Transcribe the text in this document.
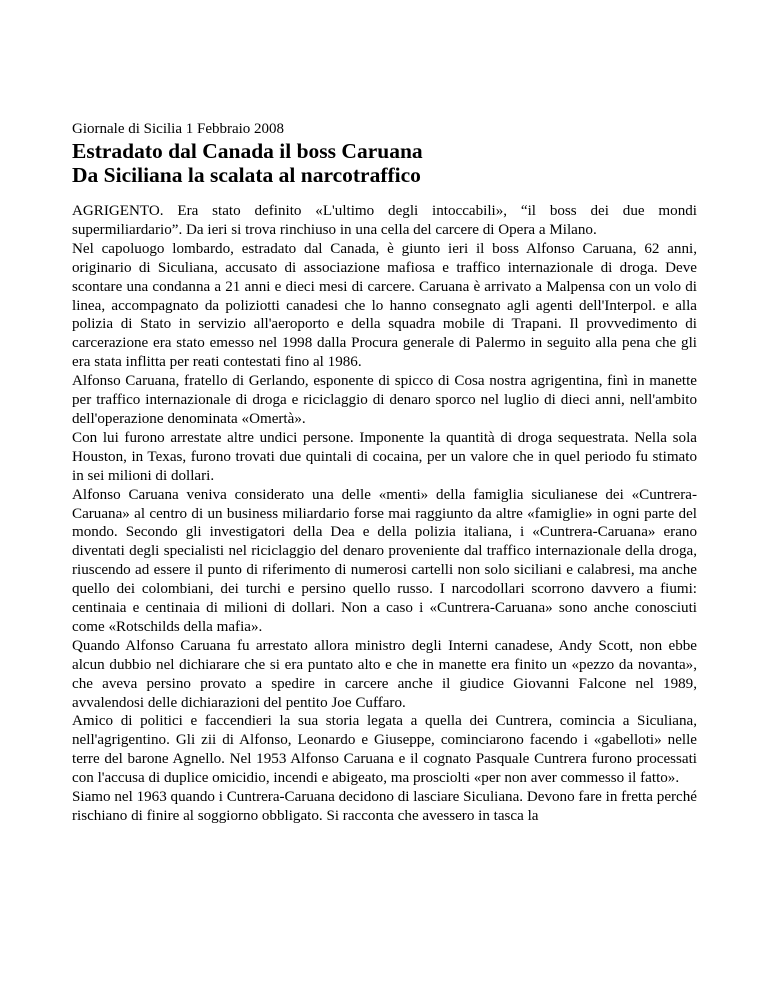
Giornale di Sicilia 1 Febbraio 2008
Estradato dal Canada il boss Caruana
Da Siciliana la scalata al narcotraffico

AGRIGENTO. Era stato definito «L'ultimo degli intoccabili», “il boss dei due mondi supermiliardario”. Da ieri si trova rinchiuso in una cella del carcere di Opera a Milano.

Nel capoluogo lombardo, estradato dal Canada, è giunto ieri il boss Alfonso Caruana, 62 anni, originario di Siculiana, accusato di associazione mafiosa e traffico internazionale di droga. Deve scontare una condanna a 21 anni e dieci mesi di carcere. Caruana è arrivato a Malpensa con un volo di linea, accompagnato da poliziotti canadesi che lo hanno consegnato agli agenti dell'Interpol. e alla polizia di Stato in servizio all'aeroporto e della squadra mobile di Trapani. Il provvedimento di carcerazione era stato emesso nel 1998 dalla Procura generale di Palermo in seguito alla pena che gli era stata inflitta per reati contestati fino al 1986.

Alfonso Caruana, fratello di Gerlando, esponente di spicco di Cosa nostra agrigentina, finì in manette per traffico internazionale di droga e riciclaggio di denaro sporco nel luglio di dieci anni, nell'ambito dell'operazione denominata «Omertà».

Con lui furono arrestate altre undici persone. Imponente la quantità di droga sequestrata. Nella sola Houston, in Texas, furono trovati due quintali di cocaina, per un valore che in quel periodo fu stimato in sei milioni di dollari.

Alfonso Caruana veniva considerato una delle «menti» della famiglia siculianese dei «Cuntrera-Caruana» al centro di un business miliardario forse mai raggiunto da altre «famiglie» in ogni parte del mondo. Secondo gli investigatori della Dea e della polizia italiana, i «Cuntrera-Caruana» erano diventati degli specialisti nel riciclaggio del denaro proveniente dal traffico internazionale della droga, riuscendo ad essere il punto di riferimento di numerosi cartelli non solo siciliani e calabresi, ma anche quello dei colombiani, dei turchi e persino quello russo. I narcodollari scorrono davvero a fiumi: centinaia e centinaia di milioni di dollari. Non a caso i «Cuntrera-Caruana» sono anche conosciuti come «Rotschilds della mafia».

Quando Alfonso Caruana fu arrestato allora ministro degli Interni canadese, Andy Scott, non ebbe alcun dubbio nel dichiarare che si era puntato alto e che in manette era finito un «pezzo da novanta», che aveva persino provato a spedire in carcere anche il giudice Giovanni Falcone nel 1989, avvalendosi delle dichiarazioni del pentito Joe Cuffaro.

Amico di politici e faccendieri la sua storia legata a quella dei Cuntrera, comincia a Siculiana, nell'agrigentino. Gli zii di Alfonso, Leonardo e Giuseppe, cominciarono facendo i «gabelloti» nelle terre del barone Agnello. Nel 1953 Alfonso Caruana e il cognato Pasquale Cuntrera furono processati con l'accusa di duplice omicidio, incendi e abigeato, ma prosciolti «per non aver commesso il fatto».

Siamo nel 1963 quando i Cuntrera-Caruana decidono di lasciare Siculiana. Devono fare in fretta perché rischiano di finire al soggiorno obbligato. Si racconta che avessero in tasca la
